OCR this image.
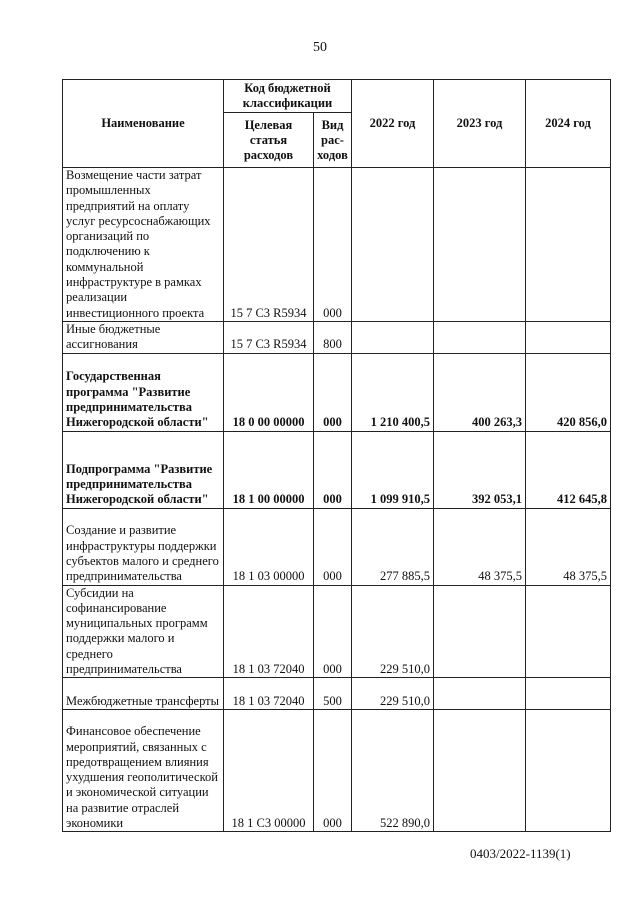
50
Наименование	Код бюджетной классификации		2022 год	2023 год	2024 год
	Целевая статья расходов	Вид рас-ходов			
Возмещение части затрат промышленных предприятий на оплату услуг ресурсоснабжающих организаций по подключению к коммунальной инфраструктуре в рамках реализации инвестиционного проекта	15 7 C3 R5934	000			
Иные бюджетные ассигнования	15 7 C3 R5934	800			
Государственная программа "Развитие предпринимательства Нижегородской области"	18 0 00 00000	000	1 210 400,5	400 263,3	420 856,0
Подпрограмма "Развитие предпринимательства Нижегородской области"	18 1 00 00000	000	1 099 910,5	392 053,1	412 645,8
Создание и развитие инфраструктуры поддержки субъектов малого и среднего предпринимательства	18 1 03 00000	000	277 885,5	48 375,5	48 375,5
Субсидии на софинансирование муниципальных программ поддержки малого и среднего предпринимательства	18 1 03 72040	000	229 510,0		
Межбюджетные трансферты	18 1 03 72040	500	229 510,0		
Финансовое обеспечение мероприятий, связанных с предотвращением влияния ухудшения геополитической и экономической ситуации на развитие отраслей экономики	18 1 C3 00000	000	522 890,0		
0403/2022-1139(1)
